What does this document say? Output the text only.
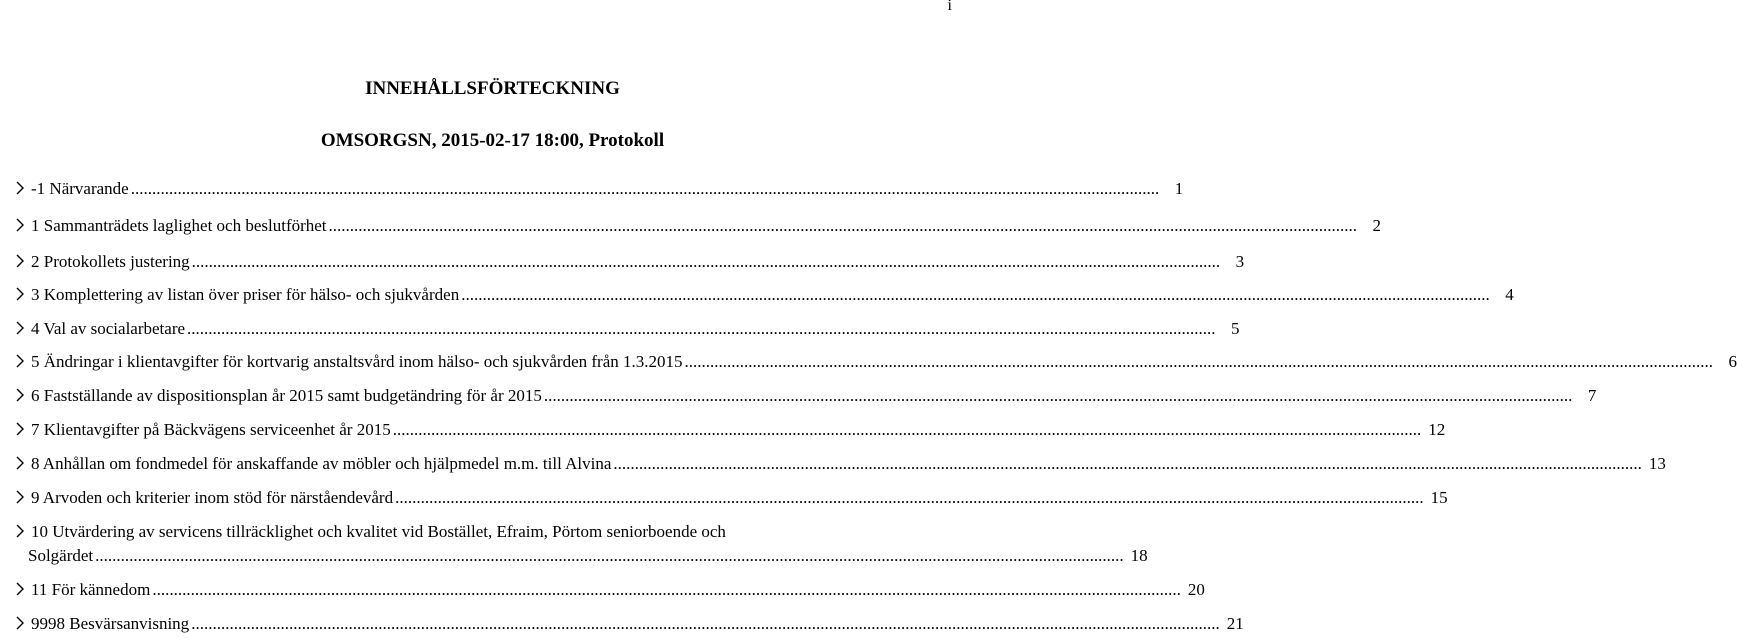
i
INNEHÅLLSFÖRTECKNING
OMSORGSN, 2015-02-17 18:00, Protokoll
-1 Närvarande .................................................................................................................................................................................................................................................. 1
1 Sammanträdets laglighet och beslutförhet .................................................................................................................................................................................................................................................. 2
2 Protokollets justering .................................................................................................................................................................................................................................................. 3
3 Komplettering av listan över priser för hälso- och sjukvården .................................................................................................................................................................................................................................................. 4
4 Val av socialarbetare .................................................................................................................................................................................................................................................. 5
5 Ändringar i klientavgifter för kortvarig anstaltsvård inom hälso- och sjukvården från 1.3.2015 .................................................................................................................................................................................................................................................. 6
6 Fastställande av dispositionsplan år 2015 samt budgetändring för år 2015 .................................................................................................................................................................................................................................................. 7
7 Klientavgifter på Bäckvägens serviceenhet år 2015 .................................................................................................................................................................................................................................................. 12
8 Anhållan om fondmedel för anskaffande av möbler och hjälpmedel m.m. till Alvina .................................................................................................................................................................................................................................................. 13
9 Arvoden och kriterier inom stöd för närståendevård .................................................................................................................................................................................................................................................. 15
10 Utvärdering av servicens tillräcklighet och kvalitet vid Bostället, Efraim, Pörtom seniorboende och
Solgärdet .................................................................................................................................................................................................................................................. 18
11 För kännedom .................................................................................................................................................................................................................................................. 20
9998 Besvärsanvisning .................................................................................................................................................................................................................................................. 21
